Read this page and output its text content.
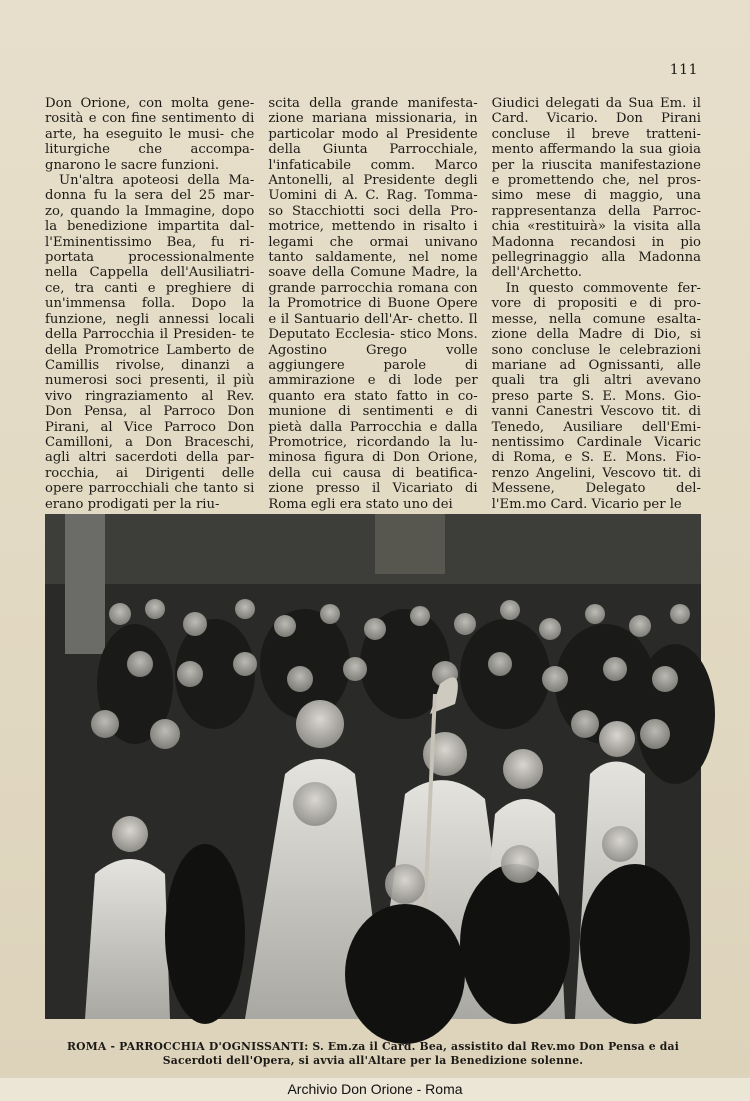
111

Don Orione, con molta gene- rosità e con fine sentimento di arte, ha eseguito le musi- che liturgiche che accompa- gnarono le sacre funzioni.

Un'altra apoteosi della Ma- donna fu la sera del 25 mar- zo, quando la Immagine, dopo la benedizione impartita dal- l'Eminentissimo Bea, fu ri- portata processionalmente nella Cappella dell'Ausiliatri- ce, tra canti e preghiere di un'immensa folla. Dopo la funzione, negli annessi locali della Parrocchia il Presiden- te della Promotrice Lamberto de Camillis rivolse, dinanzi a numerosi soci presenti, il più vivo ringraziamento al Rev. Don Pensa, al Parroco Don Pirani, al Vice Parroco Don Camilloni, a Don Braceschi, agli altri sacerdoti della par- rocchia, ai Dirigenti delle opere parrocchiali che tanto si erano prodigati per la riu-

scita della grande manifesta- zione mariana missionaria, in particolar modo al Presidente della Giunta Parrocchiale, l'infaticabile comm. Marco Antonelli, al Presidente degli Uomini di A. C. Rag. Tomma- so Stacchiotti soci della Pro- motrice, mettendo in risalto i legami che ormai univano tanto saldamente, nel nome soave della Comune Madre, la grande parrocchia romana con la Promotrice di Buone Opere e il Santuario dell'Ar- chetto. Il Deputato Ecclesia- stico Mons. Agostino Grego volle aggiungere parole di ammirazione e di lode per quanto era stato fatto in co- munione di sentimenti e di pietà dalla Parrocchia e dalla Promotrice, ricordando la lu- minosa figura di Don Orione, della cui causa di beatifica- zione presso il Vicariato di Roma egli era stato uno dei

Giudici delegati da Sua Em. il Card. Vicario. Don Pirani concluse il breve tratteni- mento affermando la sua gioia per la riuscita manifestazione e promettendo che, nel pros- simo mese di maggio, una rappresentanza della Parroc- chia «restituirà» la visita alla Madonna recandosi in pio pellegrinaggio alla Madonna dell'Archetto.

In questo commovente fer- vore di propositi e di pro- messe, nella comune esalta- zione della Madre di Dio, si sono concluse le celebrazioni mariane ad Ognissanti, alle quali tra gli altri avevano preso parte S. E. Mons. Gio- vanni Canestri Vescovo tit. di Tenedo, Ausiliare dell'Emi- nentissimo Cardinale Vicaric di Roma, e S. E. Mons. Fio- renzo Angelini, Vescovo tit. di Messene, Delegato del- l'Em.mo Card. Vicario per le

ROMA - PARROCCHIA D'OGNISSANTI: S. Em.za il Card. Bea, assistito dal Rev.mo Don Pensa e dai Sacerdoti dell'Opera, si avvia all'Altare per la Benedizione solenne.
Archivio Don Orione - Roma
